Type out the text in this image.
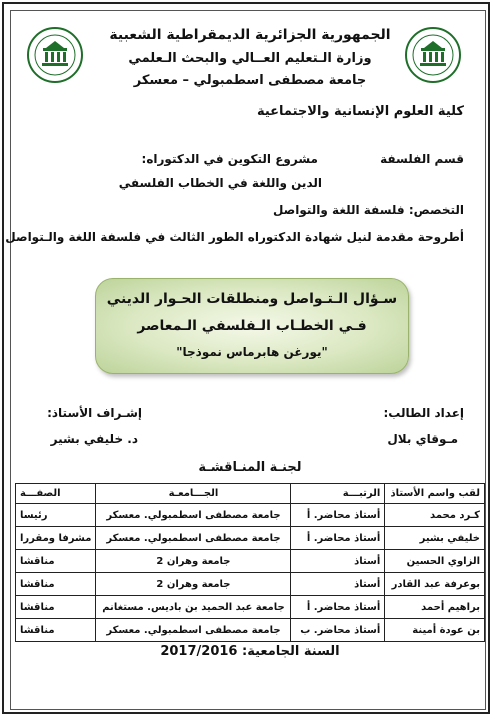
الجمهورية الجزائرية الديمقراطية الشعبية
وزارة الـتعليم العــالي والبحث الـعلمي
جامعة مصطفى اسطمبولي – معسكر
كلية العلوم الإنسانية والاجتماعية
قسم الفلسفة
مشروع التكوين في الدكتوراه:
الدين واللغة في الخطاب الفلسفي
التخصص: فلسفة اللغة والتواصل
أطروحة مقدمة لنيل شهادة الدكتوراه الطور الثالث في فلسفة اللغة والـتواصل
سـؤال الـتـواصل ومنطلقات الحـوار الديني
فـي الخطـاب الـفلسفي الـمعاصر
"يورغن هابرماس نموذجا"
إعداد الطالب:
إشـراف الأستاذ:
مـوقاي بلال
د. خليفي بشير
لجنـة المنـاقشـة
لقب واسم الأستاذ	الرتبـــة	الجـــامعـة	الصفـــة
كـرد محمد	أستاذ محاضر. أ	جامعة مصطفى اسطمبولي. معسكر	رئيسا
خليفي بشير	أستاذ محاضر. أ	جامعة مصطفى اسطمبولي. معسكر	مشرفا ومقررا
الزاوي الحسين	أستاذ	جامعة وهران 2	مناقشا
بوعرفة عبد القادر	أستاذ	جامعة وهران 2	مناقشا
براهيم أحمد	أستاذ محاضر. أ	جامعة عبد الحميد بن باديس. مستغانم	مناقشا
بن عودة أمينة	أستاذ محاضر. ب	جامعة مصطفى اسطمبولي. معسكر	مناقشا
السنة الجامعية: 2017/2016
